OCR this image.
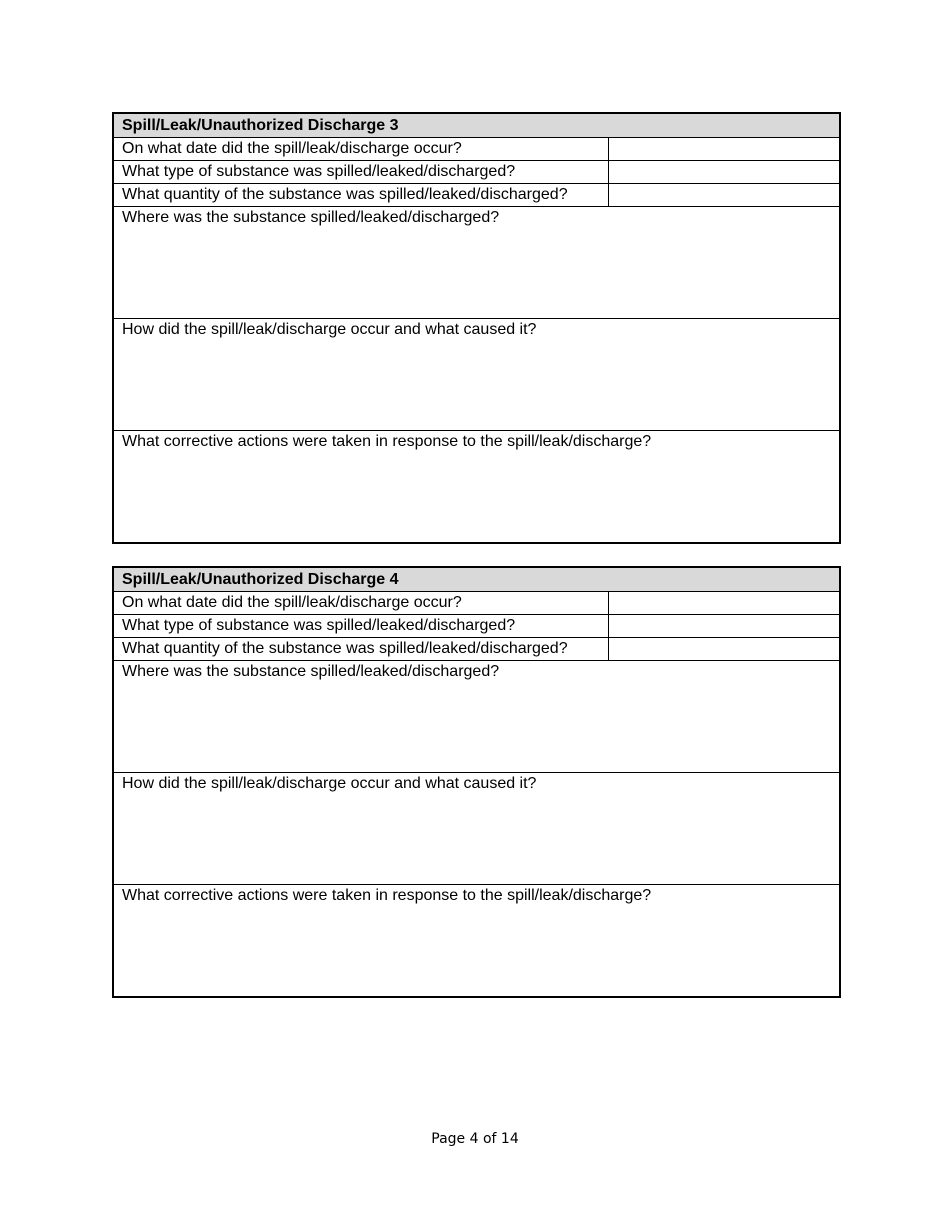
Spill/Leak/Unauthorized Discharge 3	
On what date did the spill/leak/discharge occur?	
What type of substance was spilled/leaked/discharged?	
What quantity of the substance was spilled/leaked/discharged?	
Where was the substance spilled/leaked/discharged?	
How did the spill/leak/discharge occur and what caused it?	
What corrective actions were taken in response to the spill/leak/discharge?	
Spill/Leak/Unauthorized Discharge 4	
On what date did the spill/leak/discharge occur?	
What type of substance was spilled/leaked/discharged?	
What quantity of the substance was spilled/leaked/discharged?	
Where was the substance spilled/leaked/discharged?	
How did the spill/leak/discharge occur and what caused it?	
What corrective actions were taken in response to the spill/leak/discharge?	
Page 4 of 14
